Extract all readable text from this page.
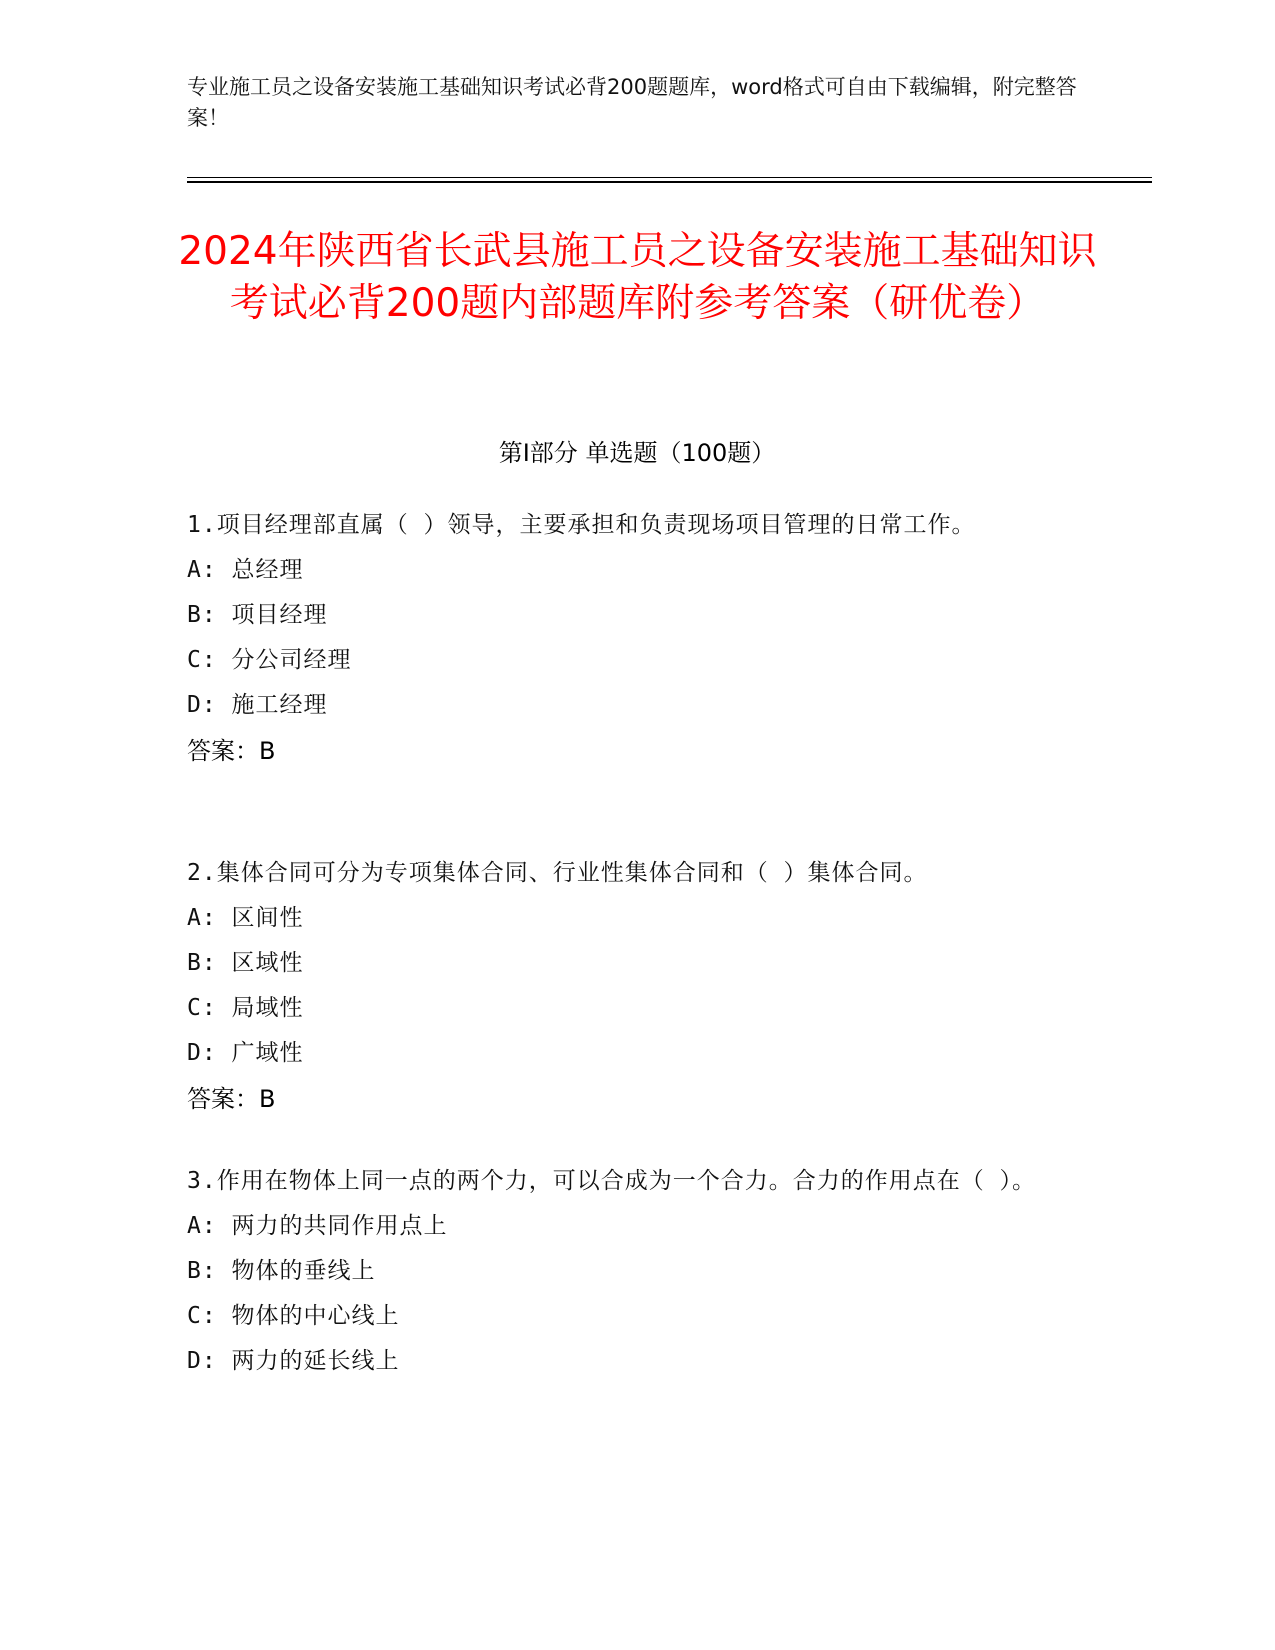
专业施工员之设备安装施工基础知识考试必背200题题库，word格式可自由下载编辑，附完整答案！
2024年陕西省长武县施工员之设备安装施工基础知识考试必背200题内部题库附参考答案（研优卷）
第I部分 单选题（100题）
1.项目经理部直属（ ）领导，主要承担和负责现场项目管理的日常工作。
A: 总经理
B: 项目经理
C: 分公司经理
D: 施工经理
答案：B
2.集体合同可分为专项集体合同、行业性集体合同和（ ）集体合同。
A: 区间性
B: 区域性
C: 局域性
D: 广域性
答案：B
3.作用在物体上同一点的两个力，可以合成为一个合力。合力的作用点在（ ）。
A: 两力的共同作用点上
B: 物体的垂线上
C: 物体的中心线上
D: 两力的延长线上
